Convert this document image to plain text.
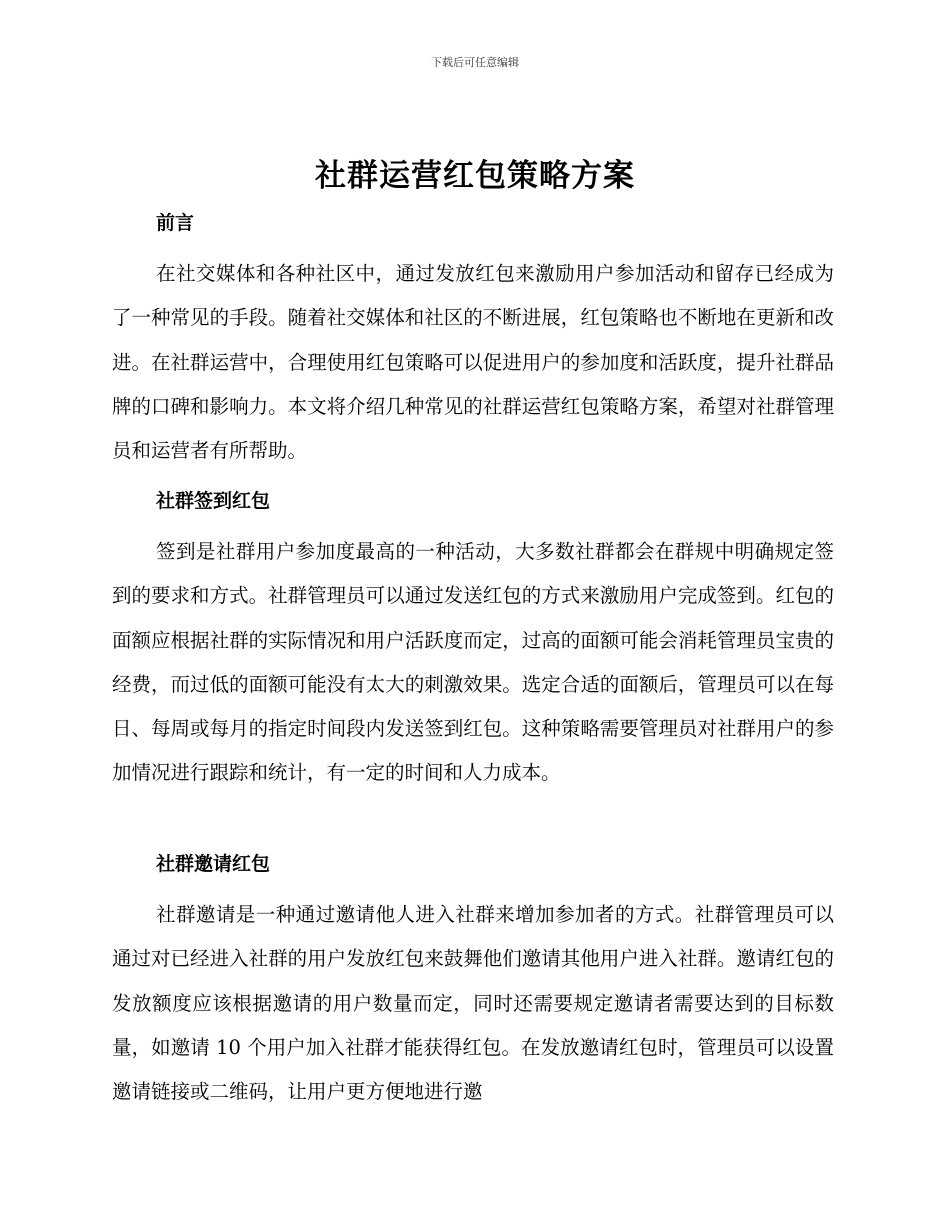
下载后可任意编辑
社群运营红包策略方案
前言

在社交媒体和各种社区中，通过发放红包来激励用户参加活动和留存已经成为了一种常见的手段。随着社交媒体和社区的不断进展，红包策略也不断地在更新和改进。在社群运营中，合理使用红包策略可以促进用户的参加度和活跃度，提升社群品牌的口碑和影响力。本文将介绍几种常见的社群运营红包策略方案，希望对社群管理员和运营者有所帮助。

社群签到红包

签到是社群用户参加度最高的一种活动，大多数社群都会在群规中明确规定签到的要求和方式。社群管理员可以通过发送红包的方式来激励用户完成签到。红包的面额应根据社群的实际情况和用户活跃度而定，过高的面额可能会消耗管理员宝贵的经费，而过低的面额可能没有太大的刺激效果。选定合适的面额后，管理员可以在每日、每周或每月的指定时间段内发送签到红包。这种策略需要管理员对社群用户的参加情况进行跟踪和统计，有一定的时间和人力成本。

社群邀请红包

社群邀请是一种通过邀请他人进入社群来增加参加者的方式。社群管理员可以通过对已经进入社群的用户发放红包来鼓舞他们邀请其他用户进入社群。邀请红包的发放额度应该根据邀请的用户数量而定，同时还需要规定邀请者需要达到的目标数量，如邀请 10 个用户加入社群才能获得红包。在发放邀请红包时，管理员可以设置邀请链接或二维码，让用户更方便地进行邀
